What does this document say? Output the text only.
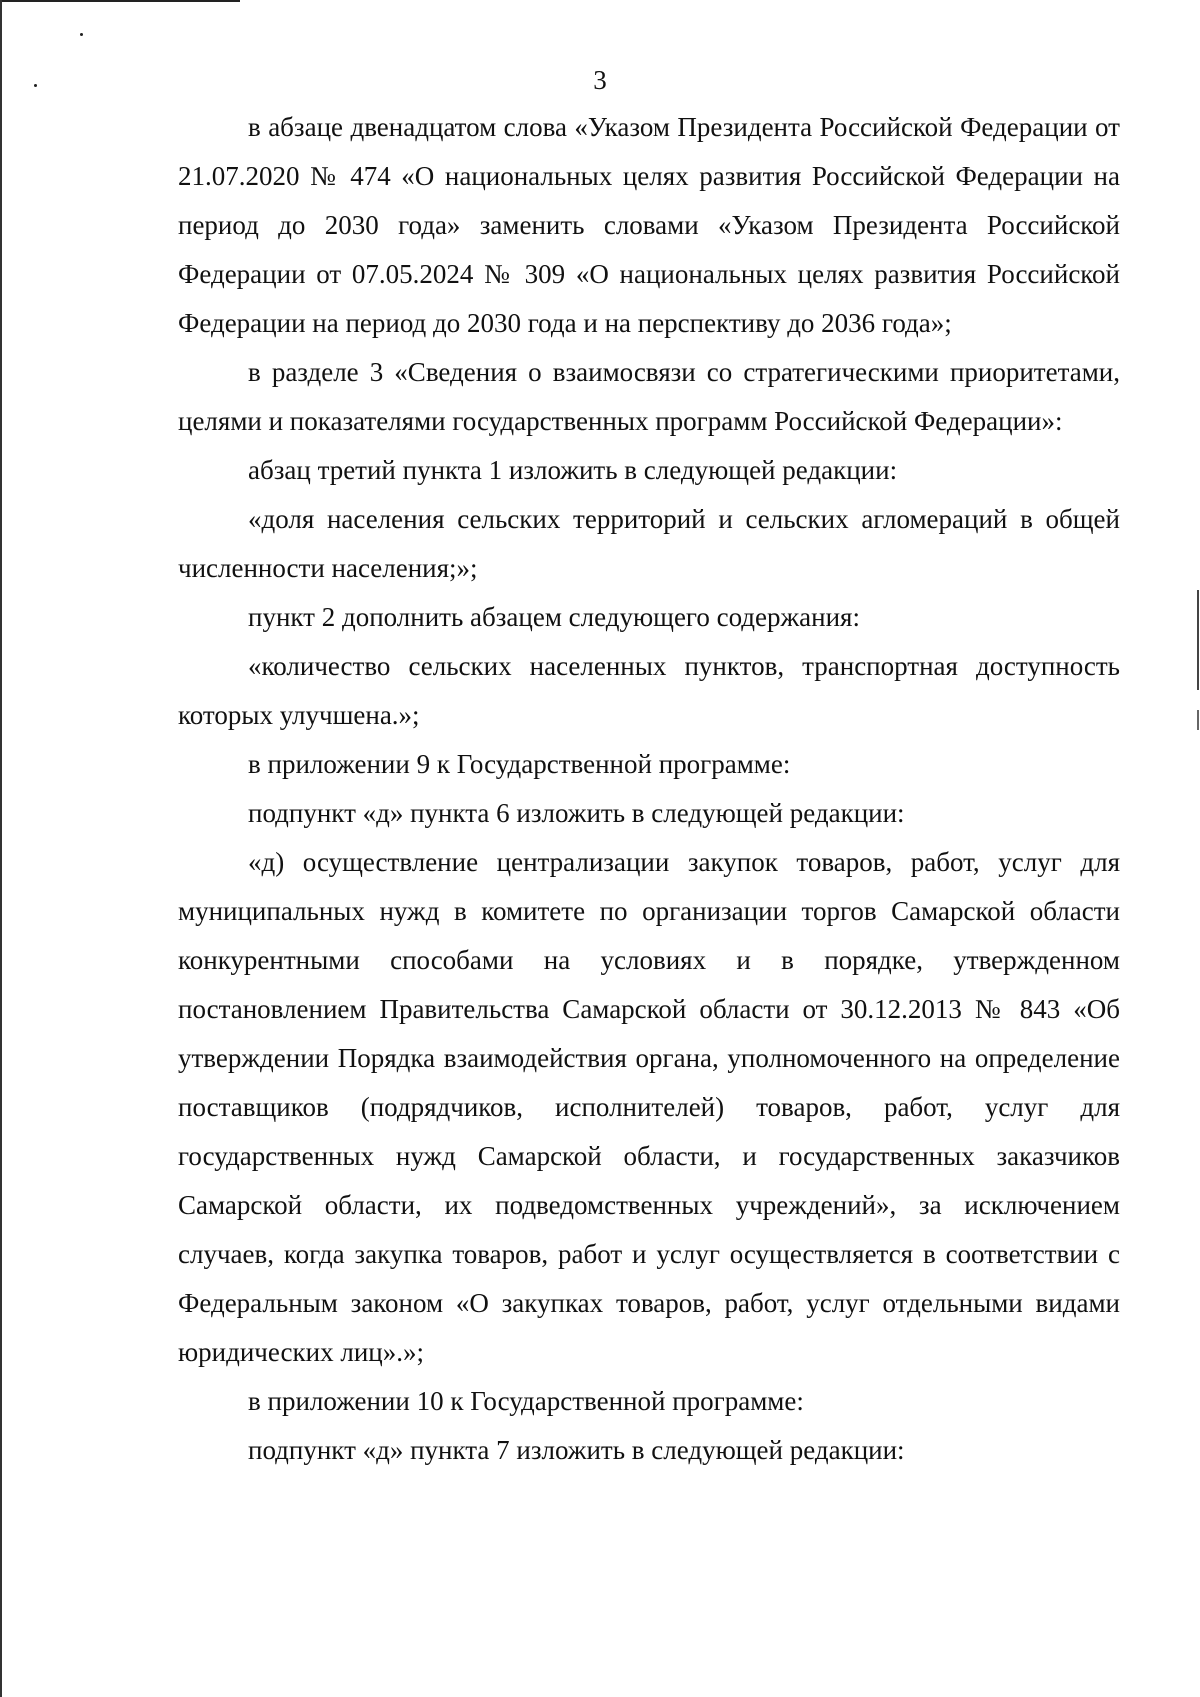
3

в абзаце двенадцатом слова «Указом Президента Российской Федерации от 21.07.2020 № 474 «О национальных целях развития Российской Федерации на период до 2030 года» заменить словами «Указом Президента Российской Федерации от 07.05.2024 № 309 «О национальных целях развития Российской Федерации на период до 2030 года и на перспективу до 2036 года»;

в разделе 3 «Сведения о взаимосвязи со стратегическими приоритетами, целями и показателями государственных программ Российской Федерации»:

абзац третий пункта 1 изложить в следующей редакции:

«доля населения сельских территорий и сельских агломераций в общей численности населения;»;

пункт 2 дополнить абзацем следующего содержания:

«количество сельских населенных пунктов, транспортная доступность которых улучшена.»;

в приложении 9 к Государственной программе:

подпункт «д» пункта 6 изложить в следующей редакции:

«д) осуществление централизации закупок товаров, работ, услуг для муниципальных нужд в комитете по организации торгов Самарской области конкурентными способами на условиях и в порядке, утвержденном постановлением Правительства Самарской области от 30.12.2013 № 843 «Об утверждении Порядка взаимодействия органа, уполномоченного на определение поставщиков (подрядчиков, исполнителей) товаров, работ, услуг для государственных нужд Самарской области, и государственных заказчиков Самарской области, их подведомственных учреждений», за исключением случаев, когда закупка товаров, работ и услуг осуществляется в соответствии с Федеральным законом «О закупках товаров, работ, услуг отдельными видами юридических лиц».»;

в приложении 10 к Государственной программе:

подпункт «д» пункта 7 изложить в следующей редакции:
